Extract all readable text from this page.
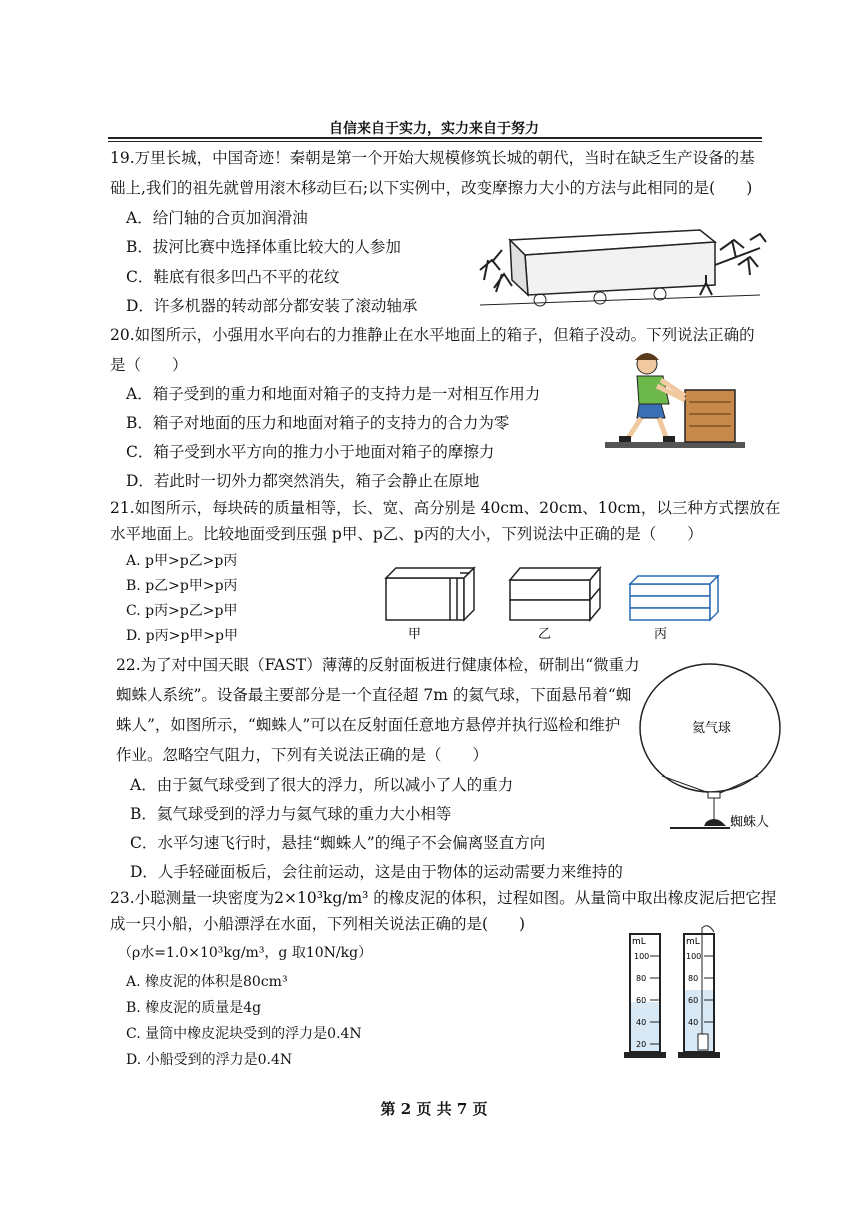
自信来自于实力，实力来自于努力
19.万里长城，中国奇迹！秦朝是第一个开始大规模修筑长城的朝代，当时在缺乏生产设备的基
础上,我们的祖先就曾用滚木移动巨石;以下实例中，改变摩擦力大小的方法与此相同的是(　　)
A．给门轴的合页加润滑油
B．拔河比赛中选择体重比较大的人参加
C．鞋底有很多凹凸不平的花纹
D．许多机器的转动部分都安装了滚动轴承
20.如图所示，小强用水平向右的力推静止在水平地面上的箱子，但箱子没动。下列说法正确的
是（　　）
A．箱子受到的重力和地面对箱子的支持力是一对相互作用力
B．箱子对地面的压力和地面对箱子的支持力的合力为零
C．箱子受到水平方向的推力小于地面对箱子的摩擦力
D．若此时一切外力都突然消失，箱子会静止在原地
21.如图所示，每块砖的质量相等，长、宽、高分别是 40cm、20cm、10cm，以三种方式摆放在
水平地面上。比较地面受到压强 p甲、p乙、p丙的大小，下列说法中正确的是（　　）
A. p甲>p乙>p丙
B. p乙>p甲>p丙
C. p丙>p乙>p甲
D. p丙>p甲>p甲	甲	乙	丙
22.为了对中国天眼（FAST）薄薄的反射面板进行健康体检，研制出“微重力
蜘蛛人系统”。设备最主要部分是一个直径超 7m 的氦气球，下面悬吊着“蜘
蛛人”，如图所示，“蜘蛛人”可以在反射面任意地方悬停并执行巡检和维护
作业。忽略空气阻力，下列有关说法正确的是（　　）
A．由于氦气球受到了很大的浮力，所以减小了人的重力
B．氦气球受到的浮力与氦气球的重力大小相等
C．水平匀速飞行时，悬挂“蜘蛛人”的绳子不会偏离竖直方向
D．人手轻碰面板后，会往前运动，这是由于物体的运动需要力来维持的
氦气球
蜘蛛人
23.小聪测量一块密度为2×10³kg/m³ 的橡皮泥的体积，过程如图。从量筒中取出橡皮泥后把它捏
成一只小船，小船漂浮在水面，下列相关说法正确的是(　　)
（ρ水=1.0×10³kg/m³，g 取10N/kg）
A. 橡皮泥的体积是80cm³
B. 橡皮泥的质量是4g
C. 量筒中橡皮泥块受到的浮力是0.4N
D. 小船受到的浮力是0.4N
mL
100
80
60
40
20
mL
100
80
60
40
第 2 页 共 7 页
